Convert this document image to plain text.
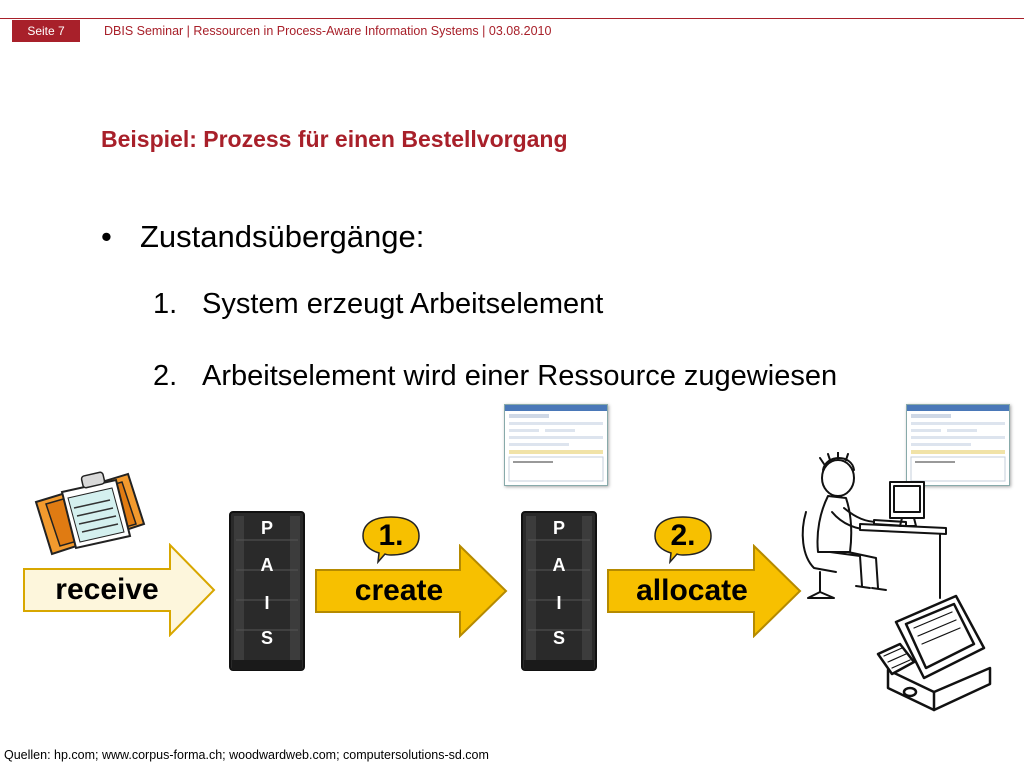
Seite 7	DBIS Seminar | Ressourcen in Process-Aware Information Systems | 03.08.2010
Beispiel: Prozess für einen Bestellvorgang
• Zustandsübergänge:
1. System erzeugt Arbeitselement
2. Arbeitselement wird einer Ressource zugewiesen
receive
P
A
I
S
1.
create
P
A
I
S
2.
allocate
Quellen: hp.com; www.corpus-forma.ch; woodwardweb.com; computersolutions-sd.com
